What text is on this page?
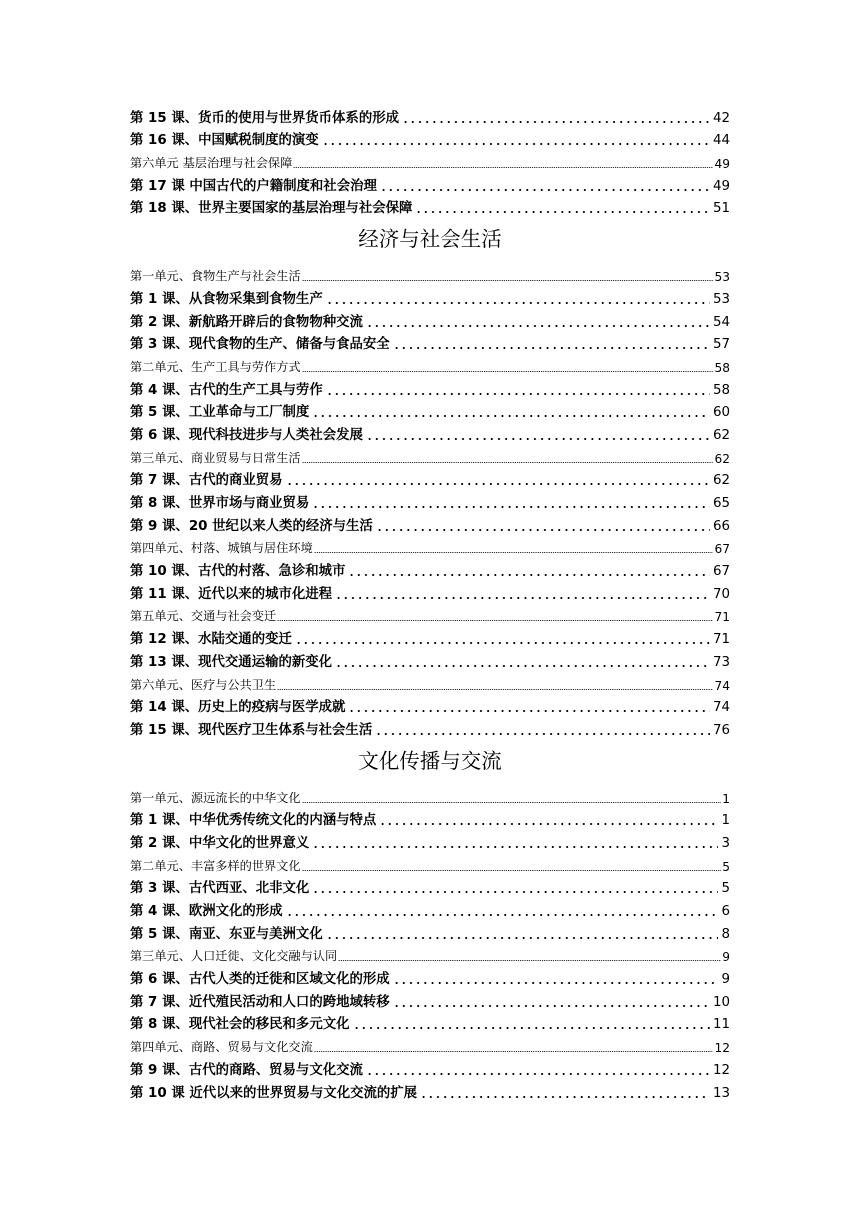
第 15 课、货币的使用与世界货币体系的形成	42
第 16 课、中国赋税制度的演变	44
第六单元 基层治理与社会保障	49
第 17 课 中国古代的户籍制度和社会治理	49
第 18 课、世界主要国家的基层治理与社会保障	51
经济与社会生活
第一单元、食物生产与社会生活	53
第 1 课、从食物采集到食物生产	53
第 2 课、新航路开辟后的食物物种交流	54
第 3 课、现代食物的生产、储备与食品安全	57
第二单元、生产工具与劳作方式	58
第 4 课、古代的生产工具与劳作	58
第 5 课、工业革命与工厂制度	60
第 6 课、现代科技进步与人类社会发展	62
第三单元、商业贸易与日常生活	62
第 7 课、古代的商业贸易	62
第 8 课、世界市场与商业贸易	65
第 9 课、20 世纪以来人类的经济与生活	66
第四单元、村落、城镇与居住环境	67
第 10 课、古代的村落、急诊和城市	67
第 11 课、近代以来的城市化进程	70
第五单元、交通与社会变迁	71
第 12 课、水陆交通的变迁	71
第 13 课、现代交通运输的新变化	73
第六单元、医疗与公共卫生	74
第 14 课、历史上的疫病与医学成就	74
第 15 课、现代医疗卫生体系与社会生活	76
文化传播与交流
第一单元、源远流长的中华文化	1
第 1 课、中华优秀传统文化的内涵与特点	1
第 2 课、中华文化的世界意义	3
第二单元、丰富多样的世界文化	5
第 3 课、古代西亚、北非文化	5
第 4 课、欧洲文化的形成	6
第 5 课、南亚、东亚与美洲文化	8
第三单元、人口迁徙、文化交融与认同	9
第 6 课、古代人类的迁徙和区域文化的形成	9
第 7 课、近代殖民活动和人口的跨地域转移	10
第 8 课、现代社会的移民和多元文化	11
第四单元、商路、贸易与文化交流	12
第 9 课、古代的商路、贸易与文化交流	12
第 10 课 近代以来的世界贸易与文化交流的扩展	13
